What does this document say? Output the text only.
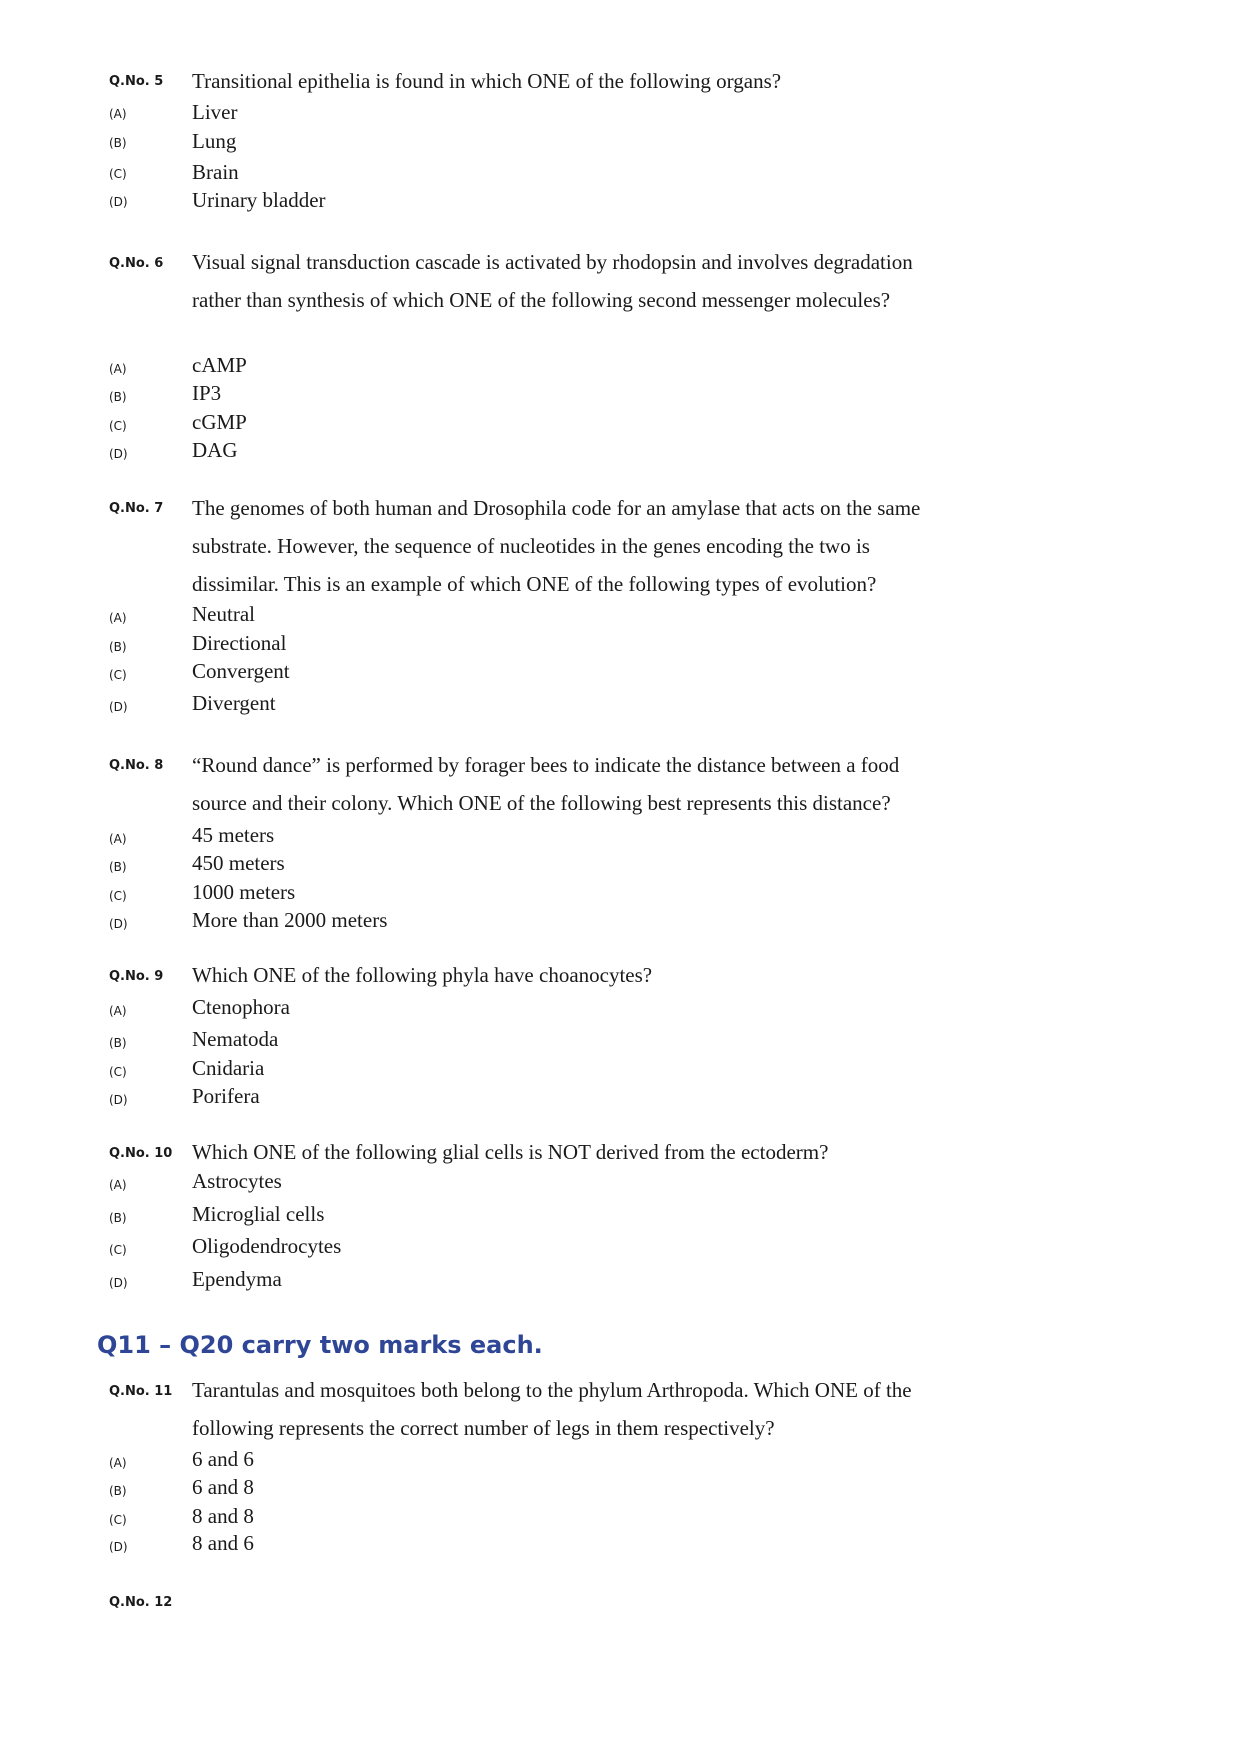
Q.No. 5 Transitional epithelia is found in which ONE of the following organs?

(A)	Liver
(B)	Lung
(C)	Brain
(D)	Urinary bladder
Q.No. 6 Visual signal transduction cascade is activated by rhodopsin and involves degradation rather than synthesis of which ONE of the following second messenger molecules?

(A)	cAMP
(B)	IP3
(C)	cGMP
(D)	DAG
Q.No. 7 The genomes of both human and Drosophila code for an amylase that acts on the same substrate. However, the sequence of nucleotides in the genes encoding the two is dissimilar. This is an example of which ONE of the following types of evolution?

(A)	Neutral
(B)	Directional
(C)	Convergent
(D)	Divergent
Q.No. 8 “Round dance” is performed by forager bees to indicate the distance between a food source and their colony. Which ONE of the following best represents this distance?

(A)	45 meters
(B)	450 meters
(C)	1000 meters
(D)	More than 2000 meters
Q.No. 9 Which ONE of the following phyla have choanocytes?

(A)	Ctenophora
(B)	Nematoda
(C)	Cnidaria
(D)	Porifera
Q.No. 10 Which ONE of the following glial cells is NOT derived from the ectoderm?

(A)	Astrocytes
(B)	Microglial cells
(C)	Oligodendrocytes
(D)	Ependyma
Q11 – Q20 carry two marks each.
Q.No. 11 Tarantulas and mosquitoes both belong to the phylum Arthropoda. Which ONE of the following represents the correct number of legs in them respectively?

(A)	6 and 6
(B)	6 and 8
(C)	8 and 8
(D)	8 and 6
Q.No. 12
